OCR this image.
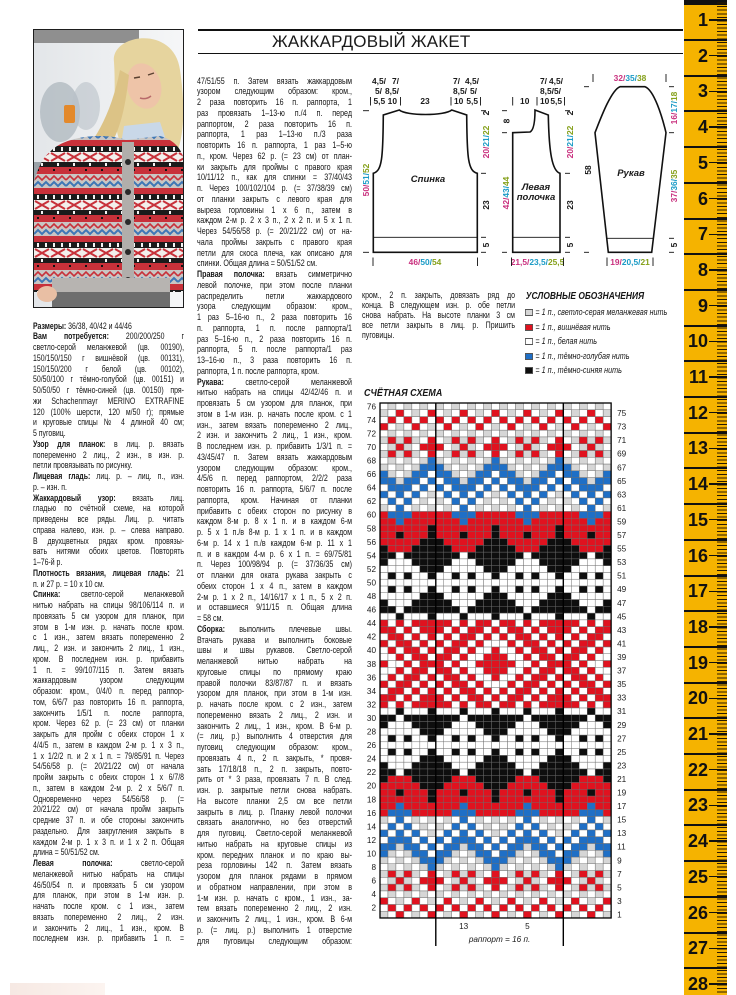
ЖАККАРДОВЫЙ ЖАКЕТ
Размеры: 36/38, 40/42 и 44/46
Вам потребуется: 200/200/250 г
светло-серой меланжевой (цв. 00190),
150/150/150 г вишнёвой (цв. 00131),
150/150/200 г белой (цв. 00102),
50/50/100 г тёмно-голубой (цв. 00151) и
50/50/50 г тёмно-синей (цв. 00150) пря-
жи Schachenmayr MERINO EXTRAFINE
120 (100% шерсти, 120 м/50 г); прямые
и круговые спицы № 4 длиной 40 см;
5 пуговиц.
Узор для планок: в лиц. р. вязать
попеременно 2 лиц., 2 изн., в изн. р.
петли провязывать по рисунку.
Лицевая гладь: лиц. р. – лиц. п., изн.
р. – изн. п.
Жаккардовый узор: вязать лиц.
гладью по счётной схеме, на которой
приведены все ряды. Лиц. р. читать
справа налево, изн. р. – слева направо.
В двухцветных рядах кром. провязы-
вать нитями обоих цветов. Повторять
1–76-й р.
Плотность вязания, лицевая гладь: 21
п. и 27 р. = 10 х 10 см.
Спинка: светло-серой меланжевой
нитью набрать на спицы 98/106/114 п. и
провязать 5 см узором для планок, при
этом в 1-м изн. р. начать после кром.
с 1 изн., затем вязать попеременно 2
лиц., 2 изн. и закончить 2 лиц., 1 изн.,
кром. В последнем изн. р. прибавить
1 п. = 99/107/115 п. Затем вязать
жаккардовым узором следующим
образом: кром., 0/4/0 п. перед раппор-
том, 6/6/7 раз повторить 16 п. раппорта,
закончить 1/5/1 п. после раппорта,
кром. Через 62 р. (= 23 см) от планки
закрыть для пройм с обеих сторон 1 х
4/4/5 п., затем в каждом 2-м р. 1 х 3 п.,
1 х 1/2/2 п. и 2 х 1 п. = 79/85/91 п. Через
54/56/58 р. (= 20/21/22 см) от начала
пройм закрыть с обеих сторон 1 х 6/7/8
п., затем в каждом 2-м р. 2 х 5/6/7 п.
Одновременно через 54/56/58 р. (=
20/21/22 см) от начала пройм закрыть
средние 37 п. и обе стороны закончить
раздельно. Для закругления закрыть в
каждом 2-м р. 1 х 3 п. и 1 х 2 п. Общая
длина = 50/51/52 см.
Левая полочка:	светло-серой
меланжевой нитью набрать на спицы
46/50/54 п. и провязать 5 см узором
для планок, при этом в 1-м изн. р.
начать после кром. с 1 изн., затем
вязать попеременно 2 лиц., 2 изн.
и закончить 2 лиц., 1 изн., кром. В
последнем изн. р. прибавить 1 п. =
47/51/55 п. Затем вязать жаккардовым
узором следующим образом: кром.,
2 раза повторить 16 п. раппорта, 1
раз провязать 1–13-ю п./4 п. перед
раппортом, 2 раза повторить 16 п.
раппорта, 1 раз 1–13-ю п./3 раза
повторить 16 п. раппорта, 1 раз 1–5-ю
п., кром. Через 62 р. (= 23 см) от план-
ки закрыть для проймы с правого края
10/11/12 п., как для спинки = 37/40/43
п. Через 100/102/104 р. (= 37/38/39 см)
от планки закрыть с левого края для
выреза горловины 1 х 6 п., затем в
каждом 2-м р. 2 х 3 п., 2 х 2 п. и 5 х 1 п.
Через 54/56/58 р. (= 20/21/22 см) от на-
чала проймы закрыть с правого края
петли для скоса плеча, как описано для
спинки. Общая длина = 50/51/52 см.
Правая полочка: вязать симметрично
левой полочке, при этом после планки
распределить петли жаккардового
узора следующим образом: кром.,
1 раз 5–16-ю п., 2 раза повторить 16
п. раппорта, 1 п. после раппорта/1
раз 5–16-ю п., 2 раза повторить 16 п.
раппорта, 5 п. после раппорта/1 раз
13–16-ю п., 3 раза повторить 16 п.
раппорта, 1 п. после раппорта, кром.
Рукава: светло-серой меланжевой
нитью набрать на спицы 42/42/46 п. и
провязать 5 см узором для планок, при
этом в 1-м изн. р. начать после кром. с 1
изн., затем вязать попеременно 2 лиц.,
2 изн. и закончить 2 лиц., 1 изн., кром.
В последнем изн. р. прибавить 1/3/1 п. =
43/45/47 п. Затем вязать жаккардовым
узором следующим образом: кром.,
4/5/6 п. перед раппортом, 2/2/2 раза
повторить 16 п. раппорта, 5/6/7 п. после
раппорта, кром. Начиная от планки
прибавить с обеих сторон по рисунку в
каждом 8-м р. 8 х 1 п. и в каждом 6-м
р. 5 х 1 п./в 8-м р. 1 х 1 п. и в каждом
6-м р. 14 х 1 п./в каждом 6-м р. 11 х 1
п. и в каждом 4-м р. 6 х 1 п. = 69/75/81
п. Через 100/98/94 р. (= 37/36/35 см)
от планки для оката рукава закрыть с
обеих сторон 1 х 4 п., затем в каждом
2-м р. 1 х 2 п., 14/16/17 х 1 п., 5 х 2 п.
и оставшиеся 9/11/15 п. Общая длина
= 58 см.
Сборка: выполнить плечевые швы.
Втачать рукава и выполнить боковые
швы и швы рукавов. Светло-серой
меланжевой нитью набрать на
круговые спицы по прямому краю
правой полочки 83/87/87 п. и вязать
узором для планок, при этом в 1-м изн.
р. начать после кром. с 2 изн., затем
попеременно вязать 2 лиц., 2 изн. и
закончить 2 лиц., 1 изн., кром. В 6-м р.
(= лиц. р.) выполнить 4 отверстия для
пуговиц следующим образом: кром.,
провязать 4 п., 2 п. закрыть, * провя-
зать 17/18/18 п., 2 п. закрыть, повто-
рить от * 3 раза, провязать 7 п. В след.
изн. р. закрытые петли снова набрать.
На высоте планки 2,5 см все петли
закрыть в лиц. р. Планку левой полочки
связать аналогично, но без отверстий
для пуговиц. Светло-серой меланжевой
нитью набрать на круговые спицы из
кром. передних планок и по краю вы-
реза горловины 142 п. Затем вязать
узором для планок рядами в прямом
и обратном направлении, при этом в
1-м изн. р. начать с кром., 1 изн., за-
тем вязать попеременно 2 лиц., 2 изн.
и закончить 2 лиц., 1 изн., кром. В 6-м
р. (= лиц. р.) выполнить 1 отверстие
для пуговицы следующим образом:
кром., 2 п. закрыть, довязать ряд до
конца. В следующем изн. р. обе петли
снова набрать. На высоте планки 3 см
все петли закрыть в лиц. р. Пришить
пуговицы.
Спинка
4,5/
5/
5,5
7/
8,5/
10	23
7/
8,5/
10
4,5/
5/
5,5
50/51/52
2
20/21/22
23
5
46/50/54
Левая
полочка
10
7/
8,5/
10
4,5/
5/
5,5
8
42/43/44
2
20/21/22
23
5
21,5/23,5/25,5
Рукав
32/35/38
58
16/17/18
37/36/35
5
19/20,5/21
УСЛОВНЫЕ ОБОЗНАЧЕНИЯ
= 1 п., светло-серая меланжевая нить
= 1 п., вишнёвая нить
= 1 п., белая нить
= 1 п., тёмно-голубая нить
= 1 п., тёмно-синяя нить
СЧЁТНАЯ СХЕМА
2
4
6
8
10
12
14
16
18
20
22
24
26
28
30
32
34
36
38
40
42
44
46
48
50
52
54
56
58
60
62
64
66
68
70
72
74
76
1
3
5
7
9
11
13
15
17
19
21
23
25
27
29
31
33
35
37
39
41
43
45
47
49
51
53
55
57
59
61
63
65
67
69
71
73
75
13	5
раппорт = 16 п.
1
2
3
4
5
6
7
8
9
10
11
12
13
14
15
16
17
18
19
20
21
22
23
24
25
26
27
28
